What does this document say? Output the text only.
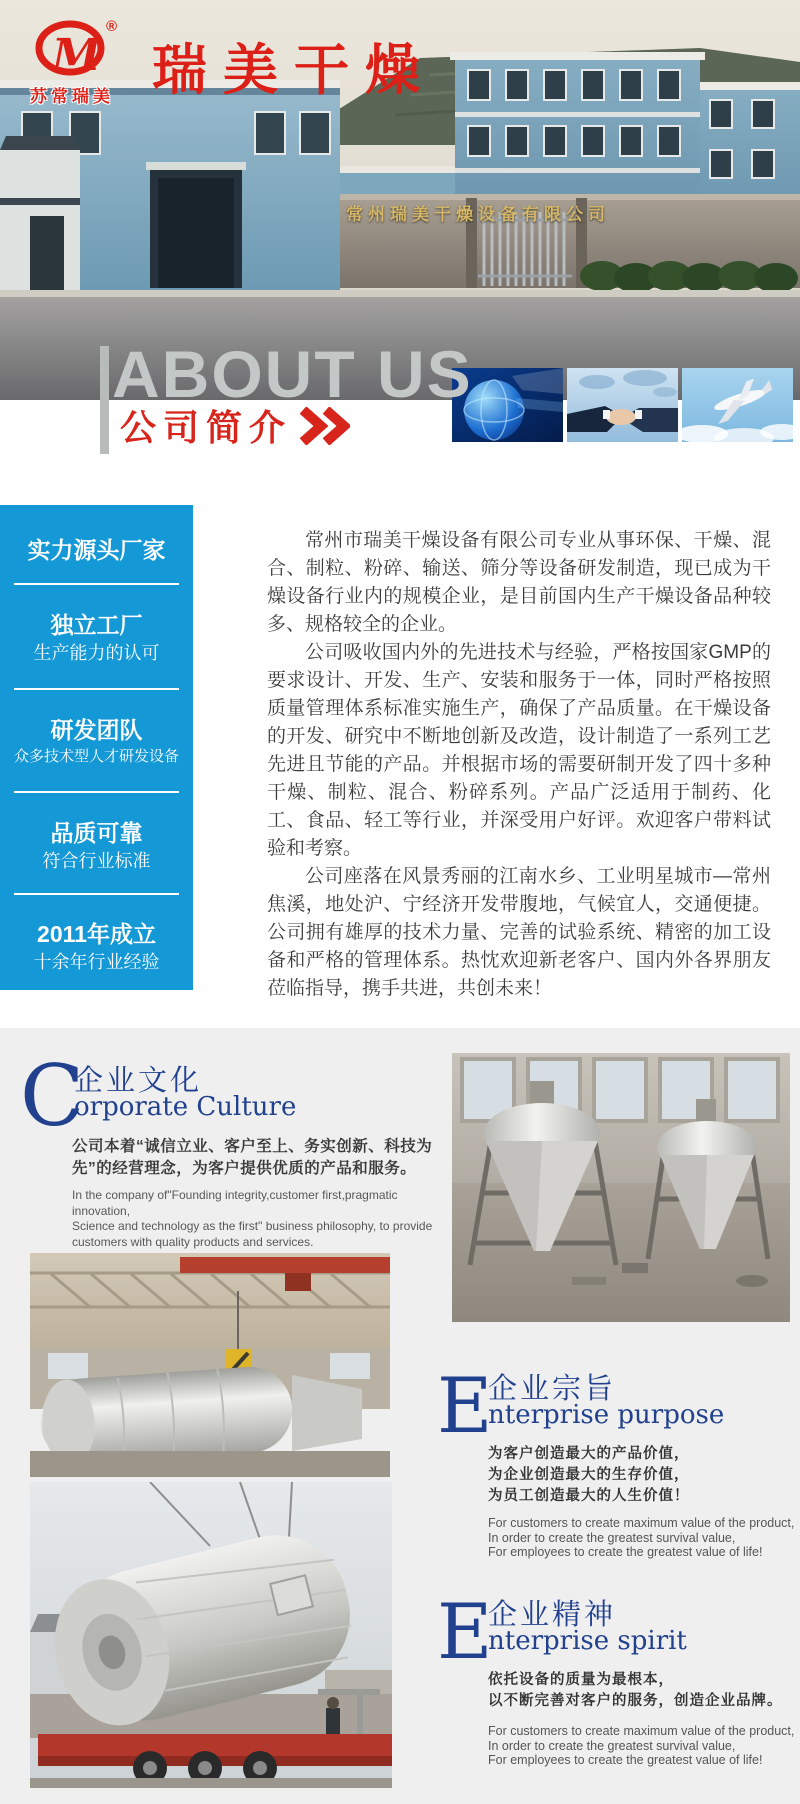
M
®
苏常瑞美 瑞美干燥
常州瑞美干燥设备有限公司
ABOUT US
公司简介
实力源头厂家
独立工厂
生产能力的认可
研发团队
众多技术型人才研发设备
品质可靠
符合行业标准
2011年成立
十余年行业经验

常州市瑞美干燥设备有限公司专业从事环保、干燥、混合、制粒、粉碎、输送、筛分等设备研发制造，现已成为干燥设备行业内的规模企业，是目前国内生产干燥设备品种较多、规格较全的企业。

公司吸收国内外的先进技术与经验，严格按国家GMP的要求设计、开发、生产、安装和服务于一体，同时严格按照质量管理体系标准实施生产，确保了产品质量。在干燥设备的开发、研究中不断地创新及改造，设计制造了一系列工艺先进且节能的产品。并根据市场的需要研制开发了四十多种干燥、制粒、混合、粉碎系列。产品广泛适用于制药、化工、食品、轻工等行业，并深受用户好评。欢迎客户带料试验和考察。

公司座落在风景秀丽的江南水乡、工业明星城市—常州焦溪，地处沪、宁经济开发带腹地，气候宜人，交通便捷。公司拥有雄厚的技术力量、完善的试验系统、精密的加工设备和严格的管理体系。热忱欢迎新老客户、国内外各界朋友莅临指导，携手共进，共创未来！

C
企业文化
orporate Culture
公司本着“诚信立业、客户至上、务实创新、科技为先”的经营理念，为客户提供优质的产品和服务。
In the company of"Founding integrity,customer first,pragmatic innovation,
Science and technology as the first" business philosophy, to provide
customers with quality products and services.
E
企业宗旨
nterprise purpose
为客户创造最大的产品价值，
为企业创造最大的生存价值，
为员工创造最大的人生价值！
For customers to create maximum value of the product,
In order to create the greatest survival value,
For employees to create the greatest value of life!
E
企业精神
nterprise spirit
依托设备的质量为最根本，
以不断完善对客户的服务，创造企业品牌。
For customers to create maximum value of the product,
In order to create the greatest survival value,
For employees to create the greatest value of life!
